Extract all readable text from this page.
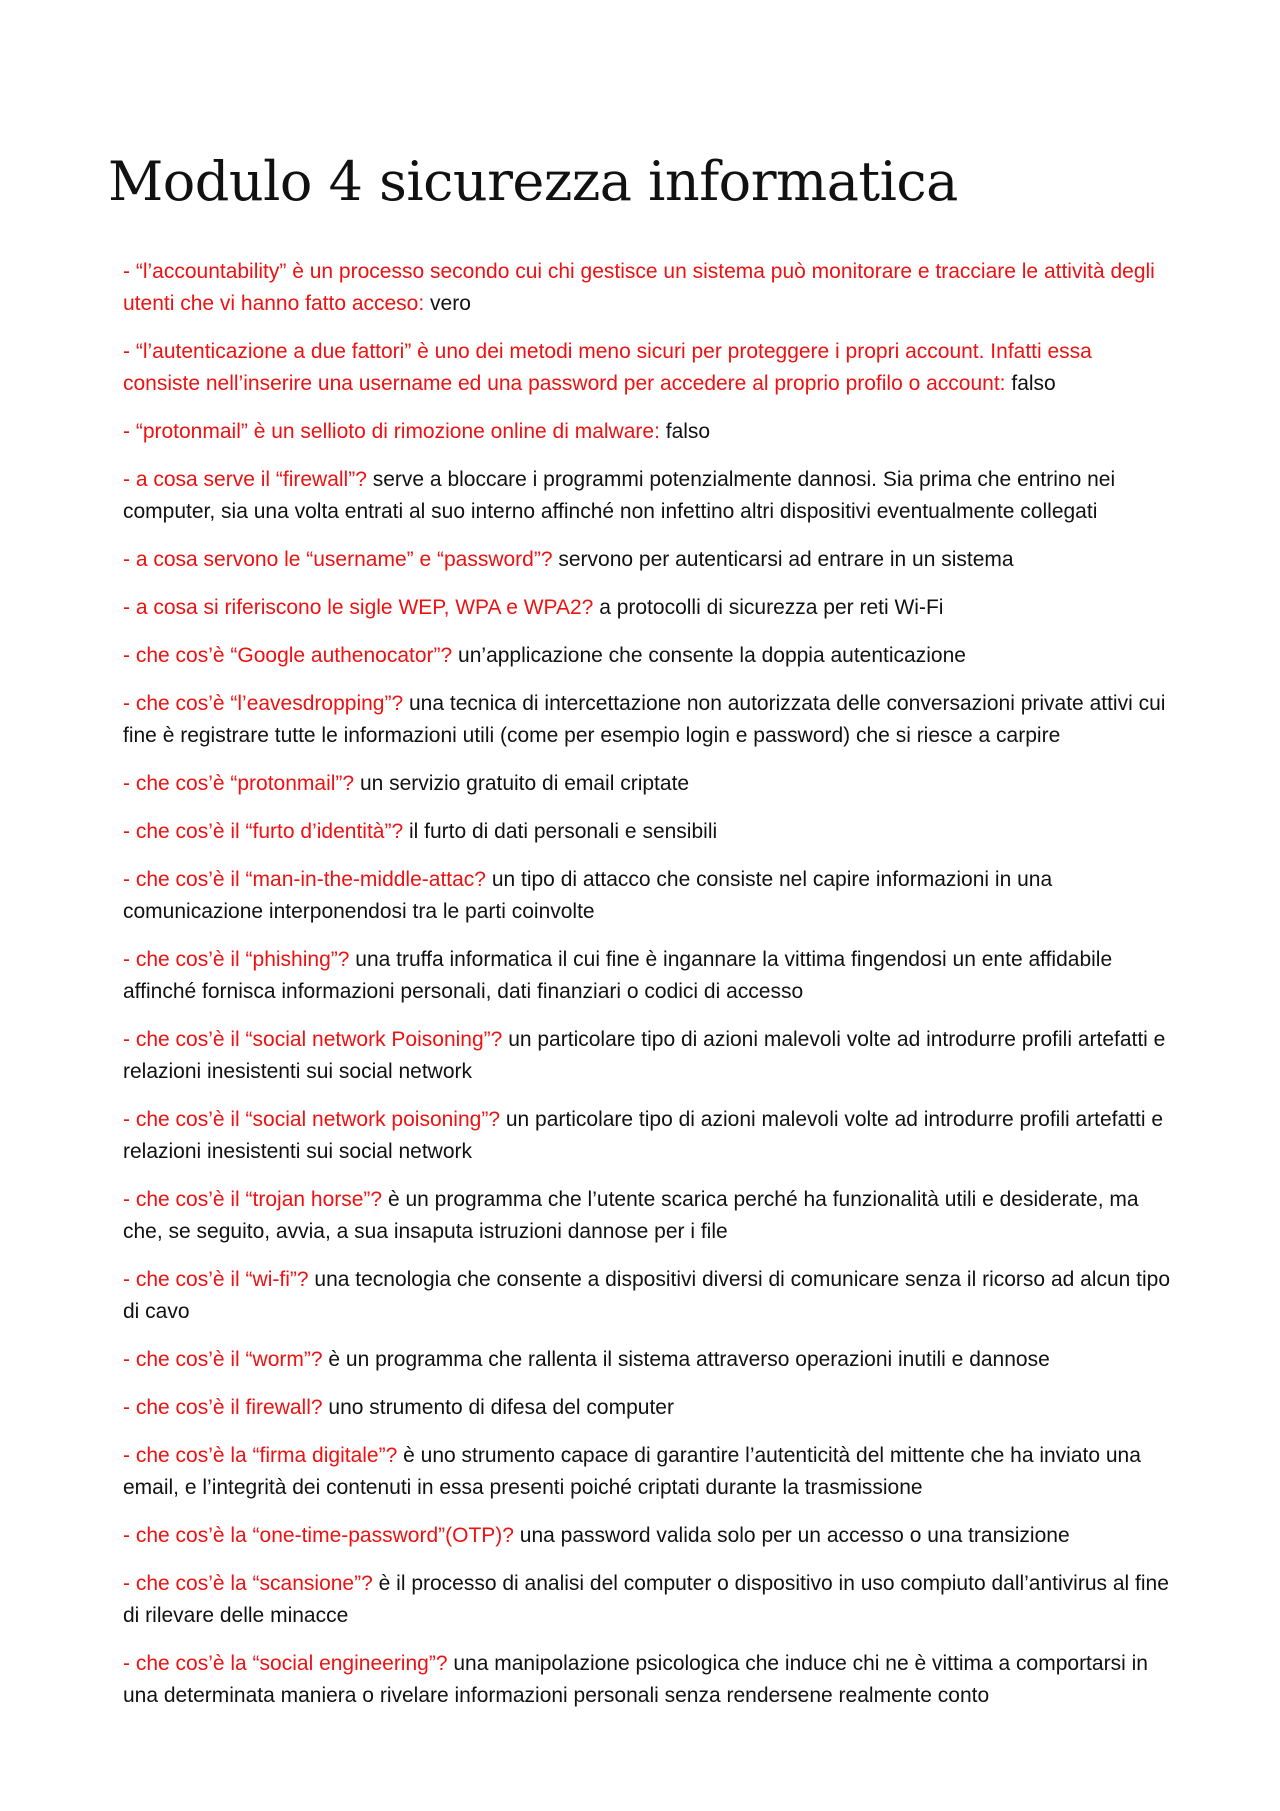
Modulo 4 sicurezza informatica
- “l’accountability” è un processo secondo cui chi gestisce un sistema può monitorare e tracciare le attività degli utenti che vi hanno fatto acceso: vero
- “l’autenticazione a due fattori” è uno dei metodi meno sicuri per proteggere i propri account. Infatti essa consiste nell’inserire una username ed una password per accedere al proprio profilo o account: falso
- “protonmail” è un sellioto di rimozione online di malware: falso
- a cosa serve il “firewall”? serve a bloccare i programmi potenzialmente dannosi. Sia prima che entrino nei computer, sia una volta entrati al suo interno affinché non infettino altri dispositivi eventualmente collegati
- a cosa servono le “username” e “password”? servono per autenticarsi ad entrare in un sistema
- a cosa si riferiscono le sigle WEP, WPA e WPA2? a protocolli di sicurezza per reti Wi-Fi
- che cos’è “Google authenocator”? un’applicazione che consente la doppia autenticazione
- che cos’è “l’eavesdropping”? una tecnica di intercettazione non autorizzata delle conversazioni private attivi cui fine è registrare tutte le informazioni utili (come per esempio login e password) che si riesce a carpire
- che cos’è “protonmail”? un servizio gratuito di email criptate
- che cos’è il “furto d’identità”? il furto di dati personali e sensibili
- che cos’è il “man-in-the-middle-attac? un tipo di attacco che consiste nel capire informazioni in una comunicazione interponendosi tra le parti coinvolte
- che cos’è il “phishing”? una truffa informatica il cui fine è ingannare la vittima fingendosi un ente affidabile affinché fornisca informazioni personali, dati finanziari o codici di accesso
- che cos’è il “social network Poisoning”? un particolare tipo di azioni malevoli volte ad introdurre profili artefatti e relazioni inesistenti sui social network
- che cos’è il “social network poisoning”? un particolare tipo di azioni malevoli volte ad introdurre profili artefatti e relazioni inesistenti sui social network
- che cos’è il “trojan horse”? è un programma che l’utente scarica perché ha funzionalità utili e desiderate, ma che, se seguito, avvia, a sua insaputa istruzioni dannose per i file
- che cos’è il “wi-fi”? una tecnologia che consente a dispositivi diversi di comunicare senza il ricorso ad alcun tipo di cavo
- che cos’è il “worm”? è un programma che rallenta il sistema attraverso operazioni inutili e dannose
- che cos’è il firewall? uno strumento di difesa del computer
- che cos’è la “firma digitale”? è uno strumento capace di garantire l’autenticità del mittente che ha inviato una email, e l’integrità dei contenuti in essa presenti poiché criptati durante la trasmissione
- che cos’è la “one-time-password”(OTP)? una password valida solo per un accesso o una transizione
- che cos’è la “scansione”? è il processo di analisi del computer o dispositivo in uso compiuto dall’antivirus al fine di rilevare delle minacce
- che cos’è la “social engineering”? una manipolazione psicologica che induce chi ne è vittima a comportarsi in una determinata maniera o rivelare informazioni personali senza rendersene realmente conto
